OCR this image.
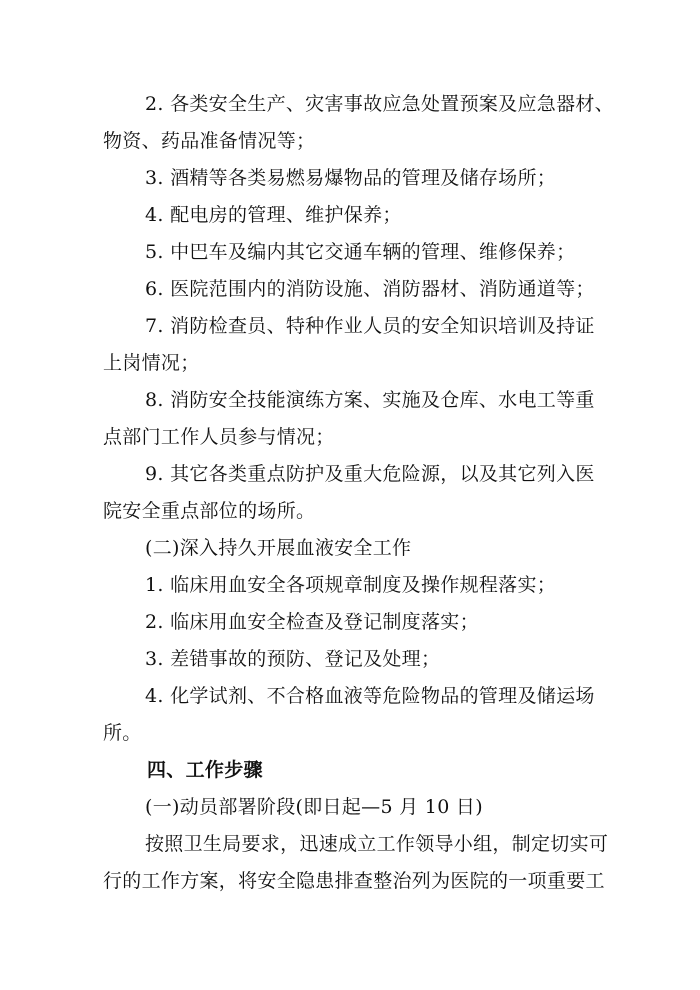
2. 各类安全生产、灾害事故应急处置预案及应急器材、
物资、药品准备情况等；
3. 酒精等各类易燃易爆物品的管理及储存场所；
4. 配电房的管理、维护保养；
5. 中巴车及编内其它交通车辆的管理、维修保养；
6. 医院范围内的消防设施、消防器材、消防通道等；
7. 消防检查员、特种作业人员的安全知识培训及持证
上岗情况；
8. 消防安全技能演练方案、实施及仓库、水电工等重
点部门工作人员参与情况；
9. 其它各类重点防护及重大危险源，以及其它列入医
院安全重点部位的场所。
(二)深入持久开展血液安全工作
1. 临床用血安全各项规章制度及操作规程落实；
2. 临床用血安全检查及登记制度落实；
3. 差错事故的预防、登记及处理；
4. 化学试剂、不合格血液等危险物品的管理及储运场
所。
四、工作步骤
(一)动员部署阶段(即日起—5 月 10 日)
按照卫生局要求，迅速成立工作领导小组，制定切实可
行的工作方案，将安全隐患排查整治列为医院的一项重要工
